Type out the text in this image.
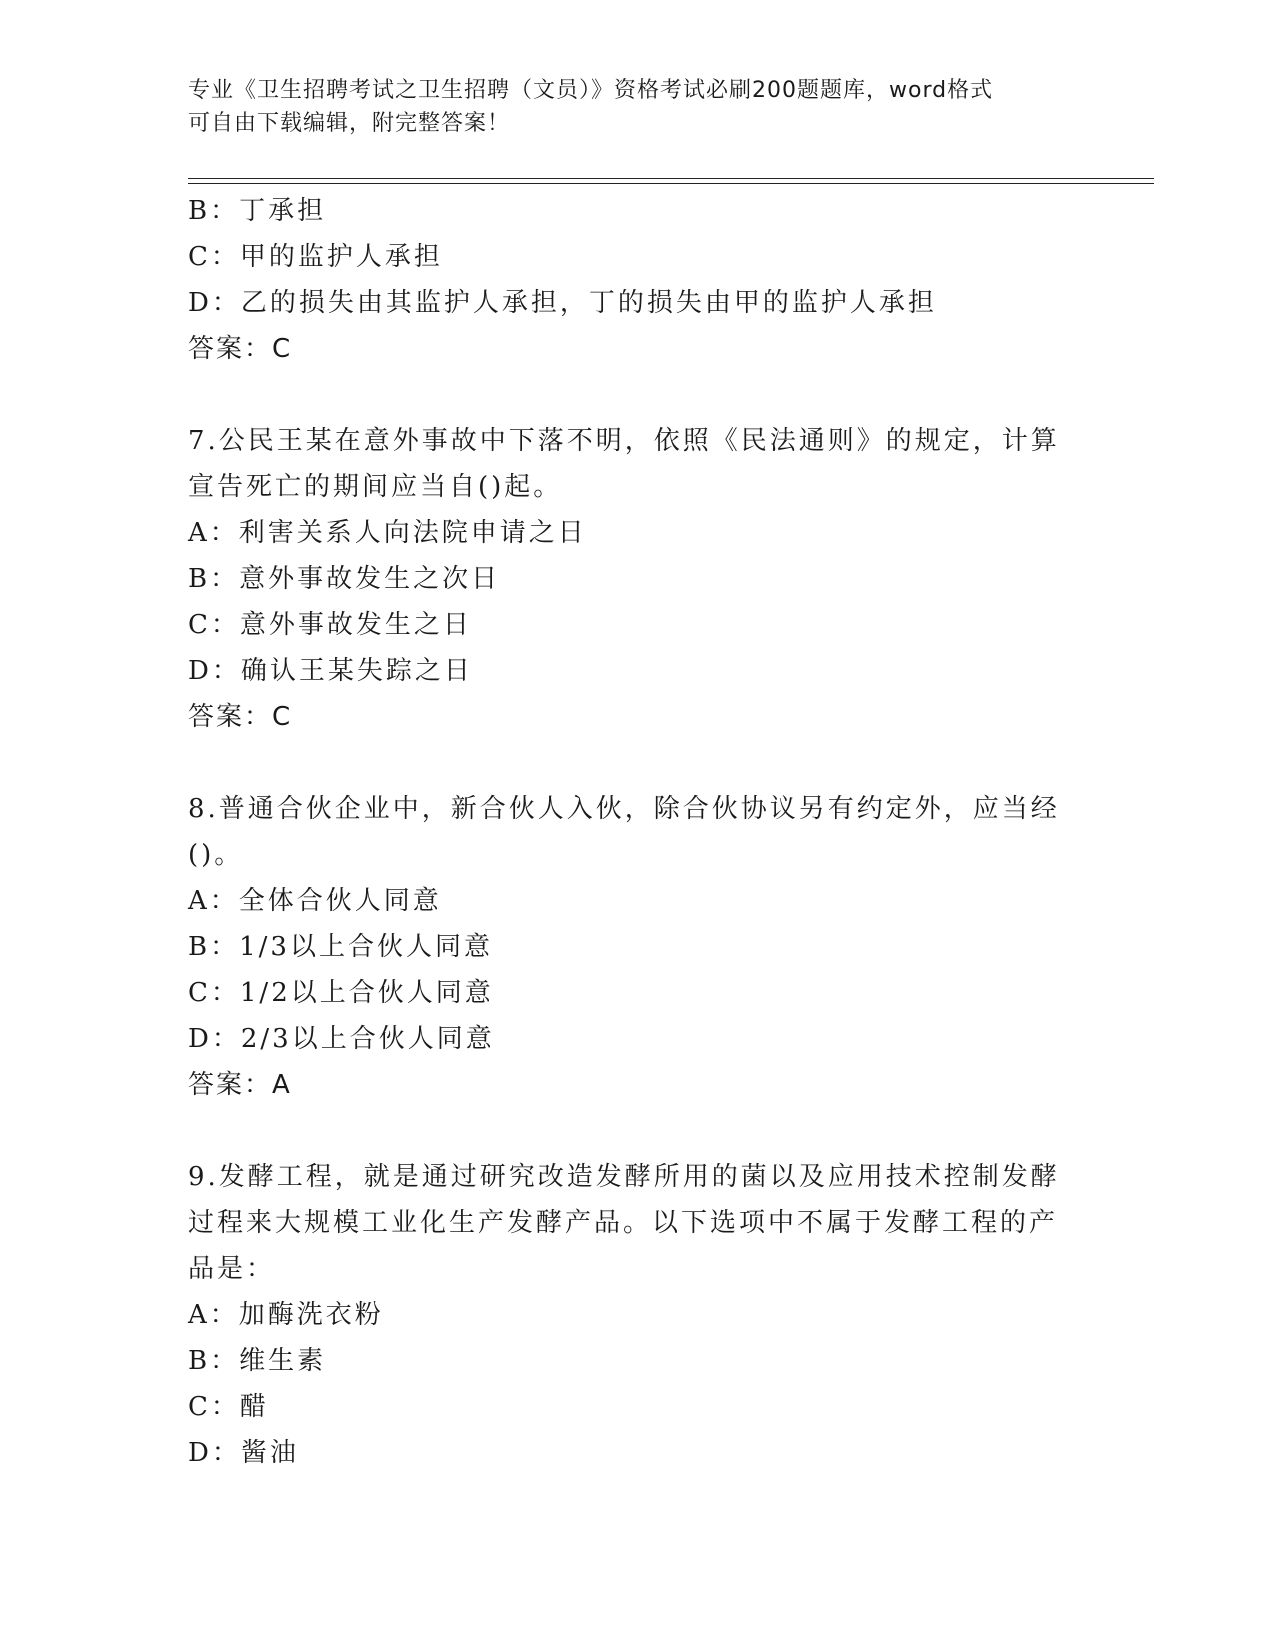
专业《卫生招聘考试之卫生招聘（文员）》资格考试必刷200题题库，word格式
可自由下载编辑，附完整答案！
B：丁承担
C：甲的监护人承担
D：乙的损失由其监护人承担，丁的损失由甲的监护人承担
答案：C
7.公民王某在意外事故中下落不明，依照《民法通则》的规定，计算
宣告死亡的期间应当自()起。
A：利害关系人向法院申请之日
B：意外事故发生之次日
C：意外事故发生之日
D：确认王某失踪之日
答案：C
8.普通合伙企业中，新合伙人入伙，除合伙协议另有约定外，应当经
()。
A：全体合伙人同意
B：1/3以上合伙人同意
C：1/2以上合伙人同意
D：2/3以上合伙人同意
答案：A
9.发酵工程，就是通过研究改造发酵所用的菌以及应用技术控制发酵
过程来大规模工业化生产发酵产品。以下选项中不属于发酵工程的产
品是：
A：加酶洗衣粉
B：维生素
C：醋
D：酱油
